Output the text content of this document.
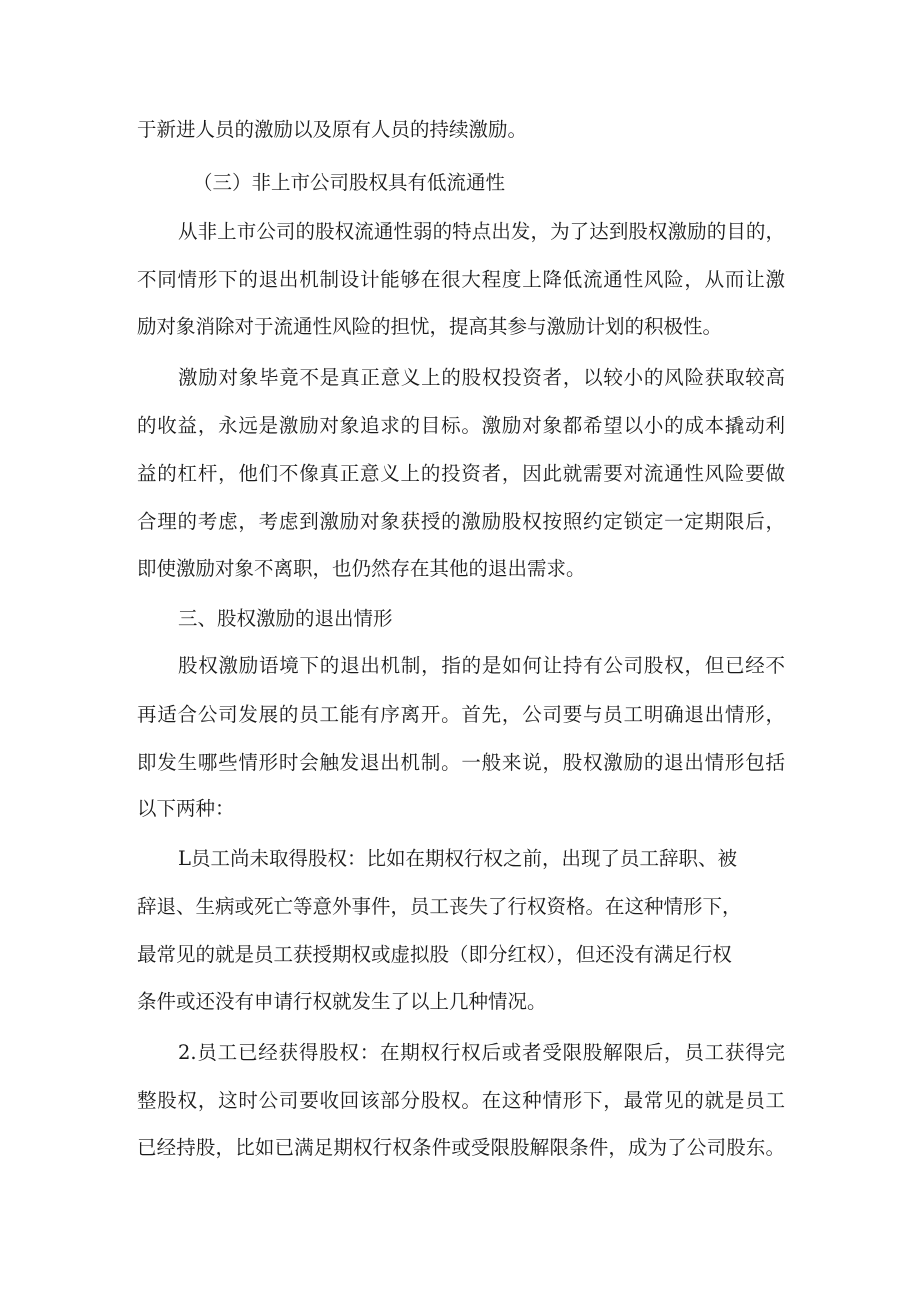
于新进人员的激励以及原有人员的持续激励。

（三）非上市公司股权具有低流通性

从非上市公司的股权流通性弱的特点出发，为了达到股权激励的目的，

不同情形下的退出机制设计能够在很大程度上降低流通性风险，从而让激

励对象消除对于流通性风险的担忧，提高其参与激励计划的积极性。

激励对象毕竟不是真正意义上的股权投资者，以较小的风险获取较高

的收益，永远是激励对象追求的目标。激励对象都希望以小的成本撬动利

益的杠杆，他们不像真正意义上的投资者，因此就需要对流通性风险要做

合理的考虑，考虑到激励对象获授的激励股权按照约定锁定一定期限后，

即使激励对象不离职，也仍然存在其他的退出需求。

三、股权激励的退出情形

股权激励语境下的退出机制，指的是如何让持有公司股权，但已经不

再适合公司发展的员工能有序离开。首先，公司要与员工明确退出情形，

即发生哪些情形时会触发退出机制。一般来说，股权激励的退出情形包括

以下两种：

L员工尚未取得股权：比如在期权行权之前，出现了员工辞职、被

辞退、生病或死亡等意外事件，员工丧失了行权资格。在这种情形下，

最常见的就是员工获授期权或虚拟股（即分红权），但还没有满足行权

条件或还没有申请行权就发生了以上几种情况。

2.员工已经获得股权：在期权行权后或者受限股解限后，员工获得完

整股权，这时公司要收回该部分股权。在这种情形下，最常见的就是员工

已经持股，比如已满足期权行权条件或受限股解限条件，成为了公司股东。
